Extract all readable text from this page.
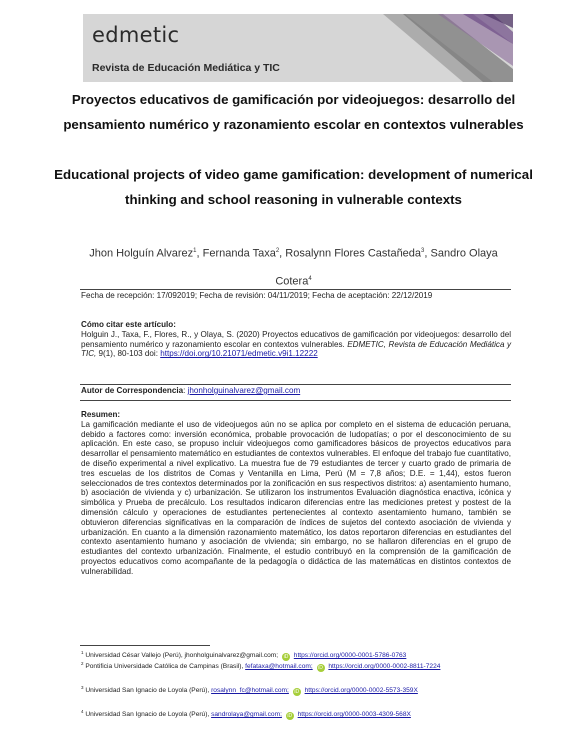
edmetic
Revista de Educación Mediática y TIC

Proyectos educativos de gamificación por videojuegos: desarrollo del pensamiento numérico y razonamiento escolar en contextos vulnerables

Educational projects of video game gamification: development of numerical thinking and school reasoning in vulnerable contexts

Jhon Holguín Alvarez$^1$, Fernanda Taxa$^2$, Rosalynn Flores Castañeda$^3$, Sandro Olaya Cotera$^4$

Fecha de recepción: 17/092019; Fecha de revisión: 04/11/2019; Fecha de aceptación: 22/12/2019

Cómo citar este artículo:
Holguin J., Taxa, F., Flores, R., y Olaya, S. (2020) Proyectos educativos de gamificación por videojuegos: desarrollo del pensamiento numérico y razonamiento escolar en contextos vulnerables. EDMETIC, Revista de Educación Mediática y TIC, 9(1), 80-103 doi: https://doi.org/10.21071/edmetic.v9i1.12222

Autor de Correspondencia: jhonholguinalvarez@gmail.com

Resumen:
La gamificación mediante el uso de videojuegos aún no se aplica por completo en el sistema de educación peruana, debido a factores como: inversión económica, probable provocación de ludopatías; o por el desconocimiento de su aplicación. En este caso, se propuso incluir videojuegos como gamificadores básicos de proyectos educativos para desarrollar el pensamiento matemático en estudiantes de contextos vulnerables. El enfoque del trabajo fue cuantitativo, de diseño experimental a nivel explicativo. La muestra fue de 79 estudiantes de tercer y cuarto grado de primaria de tres escuelas de los distritos de Comas y Ventanilla en Lima, Perú (M = 7,8 años; D.E. = 1,44), estos fueron seleccionados de tres contextos determinados por la zonificación en sus respectivos distritos: a) asentamiento humano, b) asociación de vivienda y c) urbanización. Se utilizaron los instrumentos Evaluación diagnóstica enactiva, icónica y simbólica y Prueba de precálculo. Los resultados indicaron diferencias entre las mediciones pretest y postest de la dimensión cálculo y operaciones de estudiantes pertenecientes al contexto asentamiento humano, también se obtuvieron diferencias significativas en la comparación de índices de sujetos del contexto asociación de vivienda y urbanización. En cuanto a la dimensión razonamiento matemático, los datos reportaron diferencias en estudiantes del contexto asentamiento humano y asociación de vivienda; sin embargo, no se hallaron diferencias en el grupo de estudiantes del contexto urbanización. Finalmente, el estudio contribuyó en la comprensión de la gamificación de proyectos educativos como acompañante de la pedagogía o didáctica de las matemáticas en distintos contextos de vulnerabilidad.

$^1$ Universidad César Vallejo (Perú), jhonholguinalvarez@gmail.com; iD https://orcid.org/0000-0001-5786-0763

$^2$ Pontificia Universidade Católica de Campinas (Brasil), fefataxa@hotmail.com; iD https://orcid.org/0000-0002-8811-7224

$^3$ Universidad San Ignacio de Loyola (Perú), rosalynn_fc@hotmail.com; iD https://orcid.org/0000-0002-5573-359X

$^4$ Universidad San Ignacio de Loyola (Perú), sandrolaya@gmail.com; iD https://orcid.org/0000-0003-4309-568X
